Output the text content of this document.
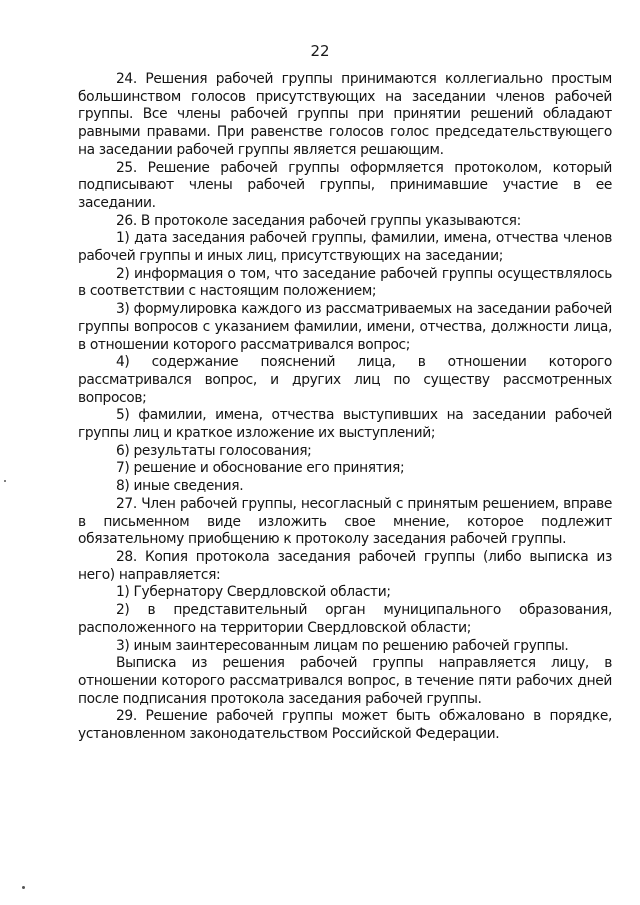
22

24. Решения рабочей группы принимаются коллегиально простым большинством голосов присутствующих на заседании членов рабочей группы. Все члены рабочей группы при принятии решений обладают равными правами. При равенстве голосов голос председательствующего на заседании рабочей группы является решающим.

25. Решение рабочей группы оформляется протоколом, который подписывают члены рабочей группы, принимавшие участие в ее заседании.

26. В протоколе заседания рабочей группы указываются:

1) дата заседания рабочей группы, фамилии, имена, отчества членов рабочей группы и иных лиц, присутствующих на заседании;

2) информация о том, что заседание рабочей группы осуществлялось в соответствии с настоящим положением;

3) формулировка каждого из рассматриваемых на заседании рабочей группы вопросов с указанием фамилии, имени, отчества, должности лица, в отношении которого рассматривался вопрос;

4) содержание пояснений лица, в отношении которого рассматривался вопрос, и других лиц по существу рассмотренных вопросов;

5) фамилии, имена, отчества выступивших на заседании рабочей группы лиц и краткое изложение их выступлений;

6) результаты голосования;

7) решение и обоснование его принятия;

8) иные сведения.

27. Член рабочей группы, несогласный с принятым решением, вправе в письменном виде изложить свое мнение, которое подлежит обязательному приобщению к протоколу заседания рабочей группы.

28. Копия протокола заседания рабочей группы (либо выписка из него) направляется:

1) Губернатору Свердловской области;

2) в представительный орган муниципального образования, расположенного на территории Свердловской области;

3) иным заинтересованным лицам по решению рабочей группы.

Выписка из решения рабочей группы направляется лицу, в отношении которого рассматривался вопрос, в течение пяти рабочих дней после подписания протокола заседания рабочей группы.

29. Решение рабочей группы может быть обжаловано в порядке, установленном законодательством Российской Федерации.
